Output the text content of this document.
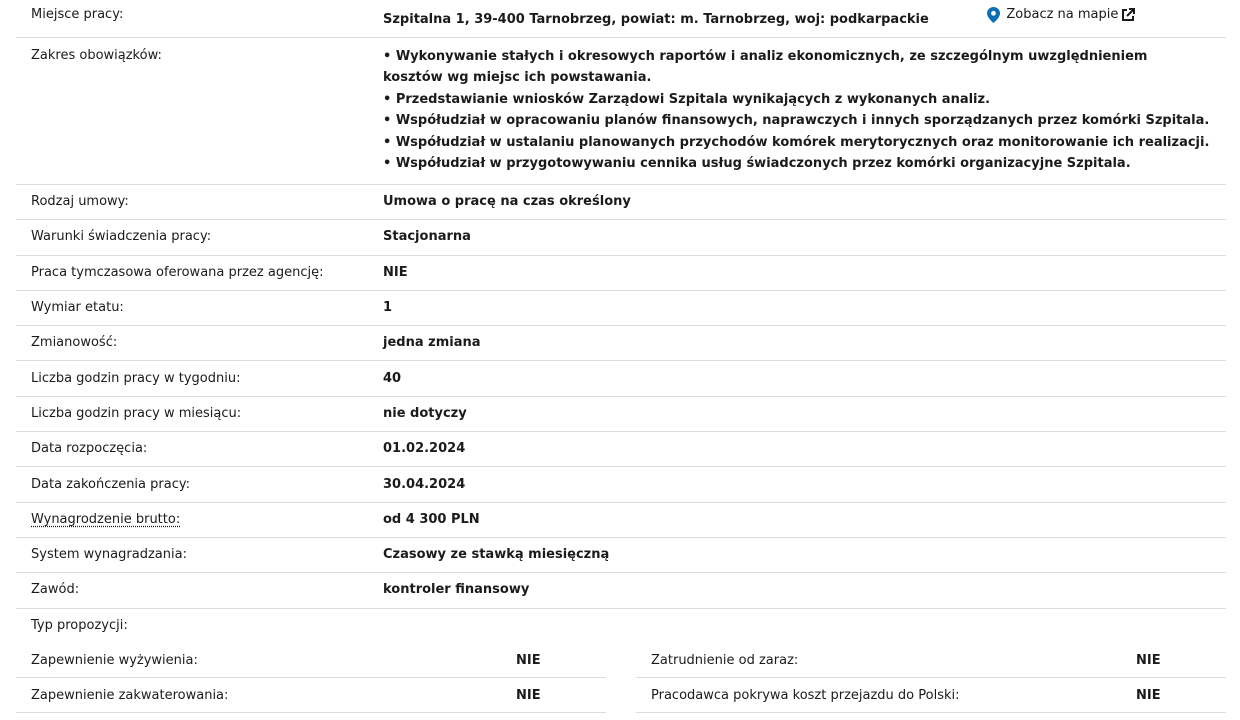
Miejsce pracy:	Szpitalna 1, 39-400 Tarnobrzeg, powiat: m. Tarnobrzeg, woj: podkarpackie	Zobacz na mapie
Zakres obowiązków:	• Wykonywanie stałych i okresowych raportów i analiz ekonomicznych, ze szczególnym uwzględnieniem kosztów wg miejsc ich powstawania.
• Przedstawianie wniosków Zarządowi Szpitala wynikających z wykonanych analiz.
• Współudział w opracowaniu planów finansowych, naprawczych i innych sporządzanych przez komórki Szpitala.
• Współudział w ustalaniu planowanych przychodów komórek merytorycznych oraz monitorowanie ich realizacji.
• Współudział w przygotowywaniu cennika usług świadczonych przez komórki organizacyjne Szpitala.
Rodzaj umowy:	Umowa o pracę na czas określony
Warunki świadczenia pracy:	Stacjonarna
Praca tymczasowa oferowana przez agencję:	NIE
Wymiar etatu:	1
Zmianowość:	jedna zmiana
Liczba godzin pracy w tygodniu:	40
Liczba godzin pracy w miesiącu:	nie dotyczy
Data rozpoczęcia:	01.02.2024
Data zakończenia pracy:	30.04.2024
Wynagrodzenie brutto:	od 4 300 PLN
System wynagradzania:	Czasowy ze stawką miesięczną
Zawód:	kontroler finansowy
Typ propozycji:
Zapewnienie wyżywienia:	NIE
Zapewnienie zakwaterowania:	NIE
Zatrudnienie od zaraz:	NIE
Pracodawca pokrywa koszt przejazdu do Polski:	NIE
